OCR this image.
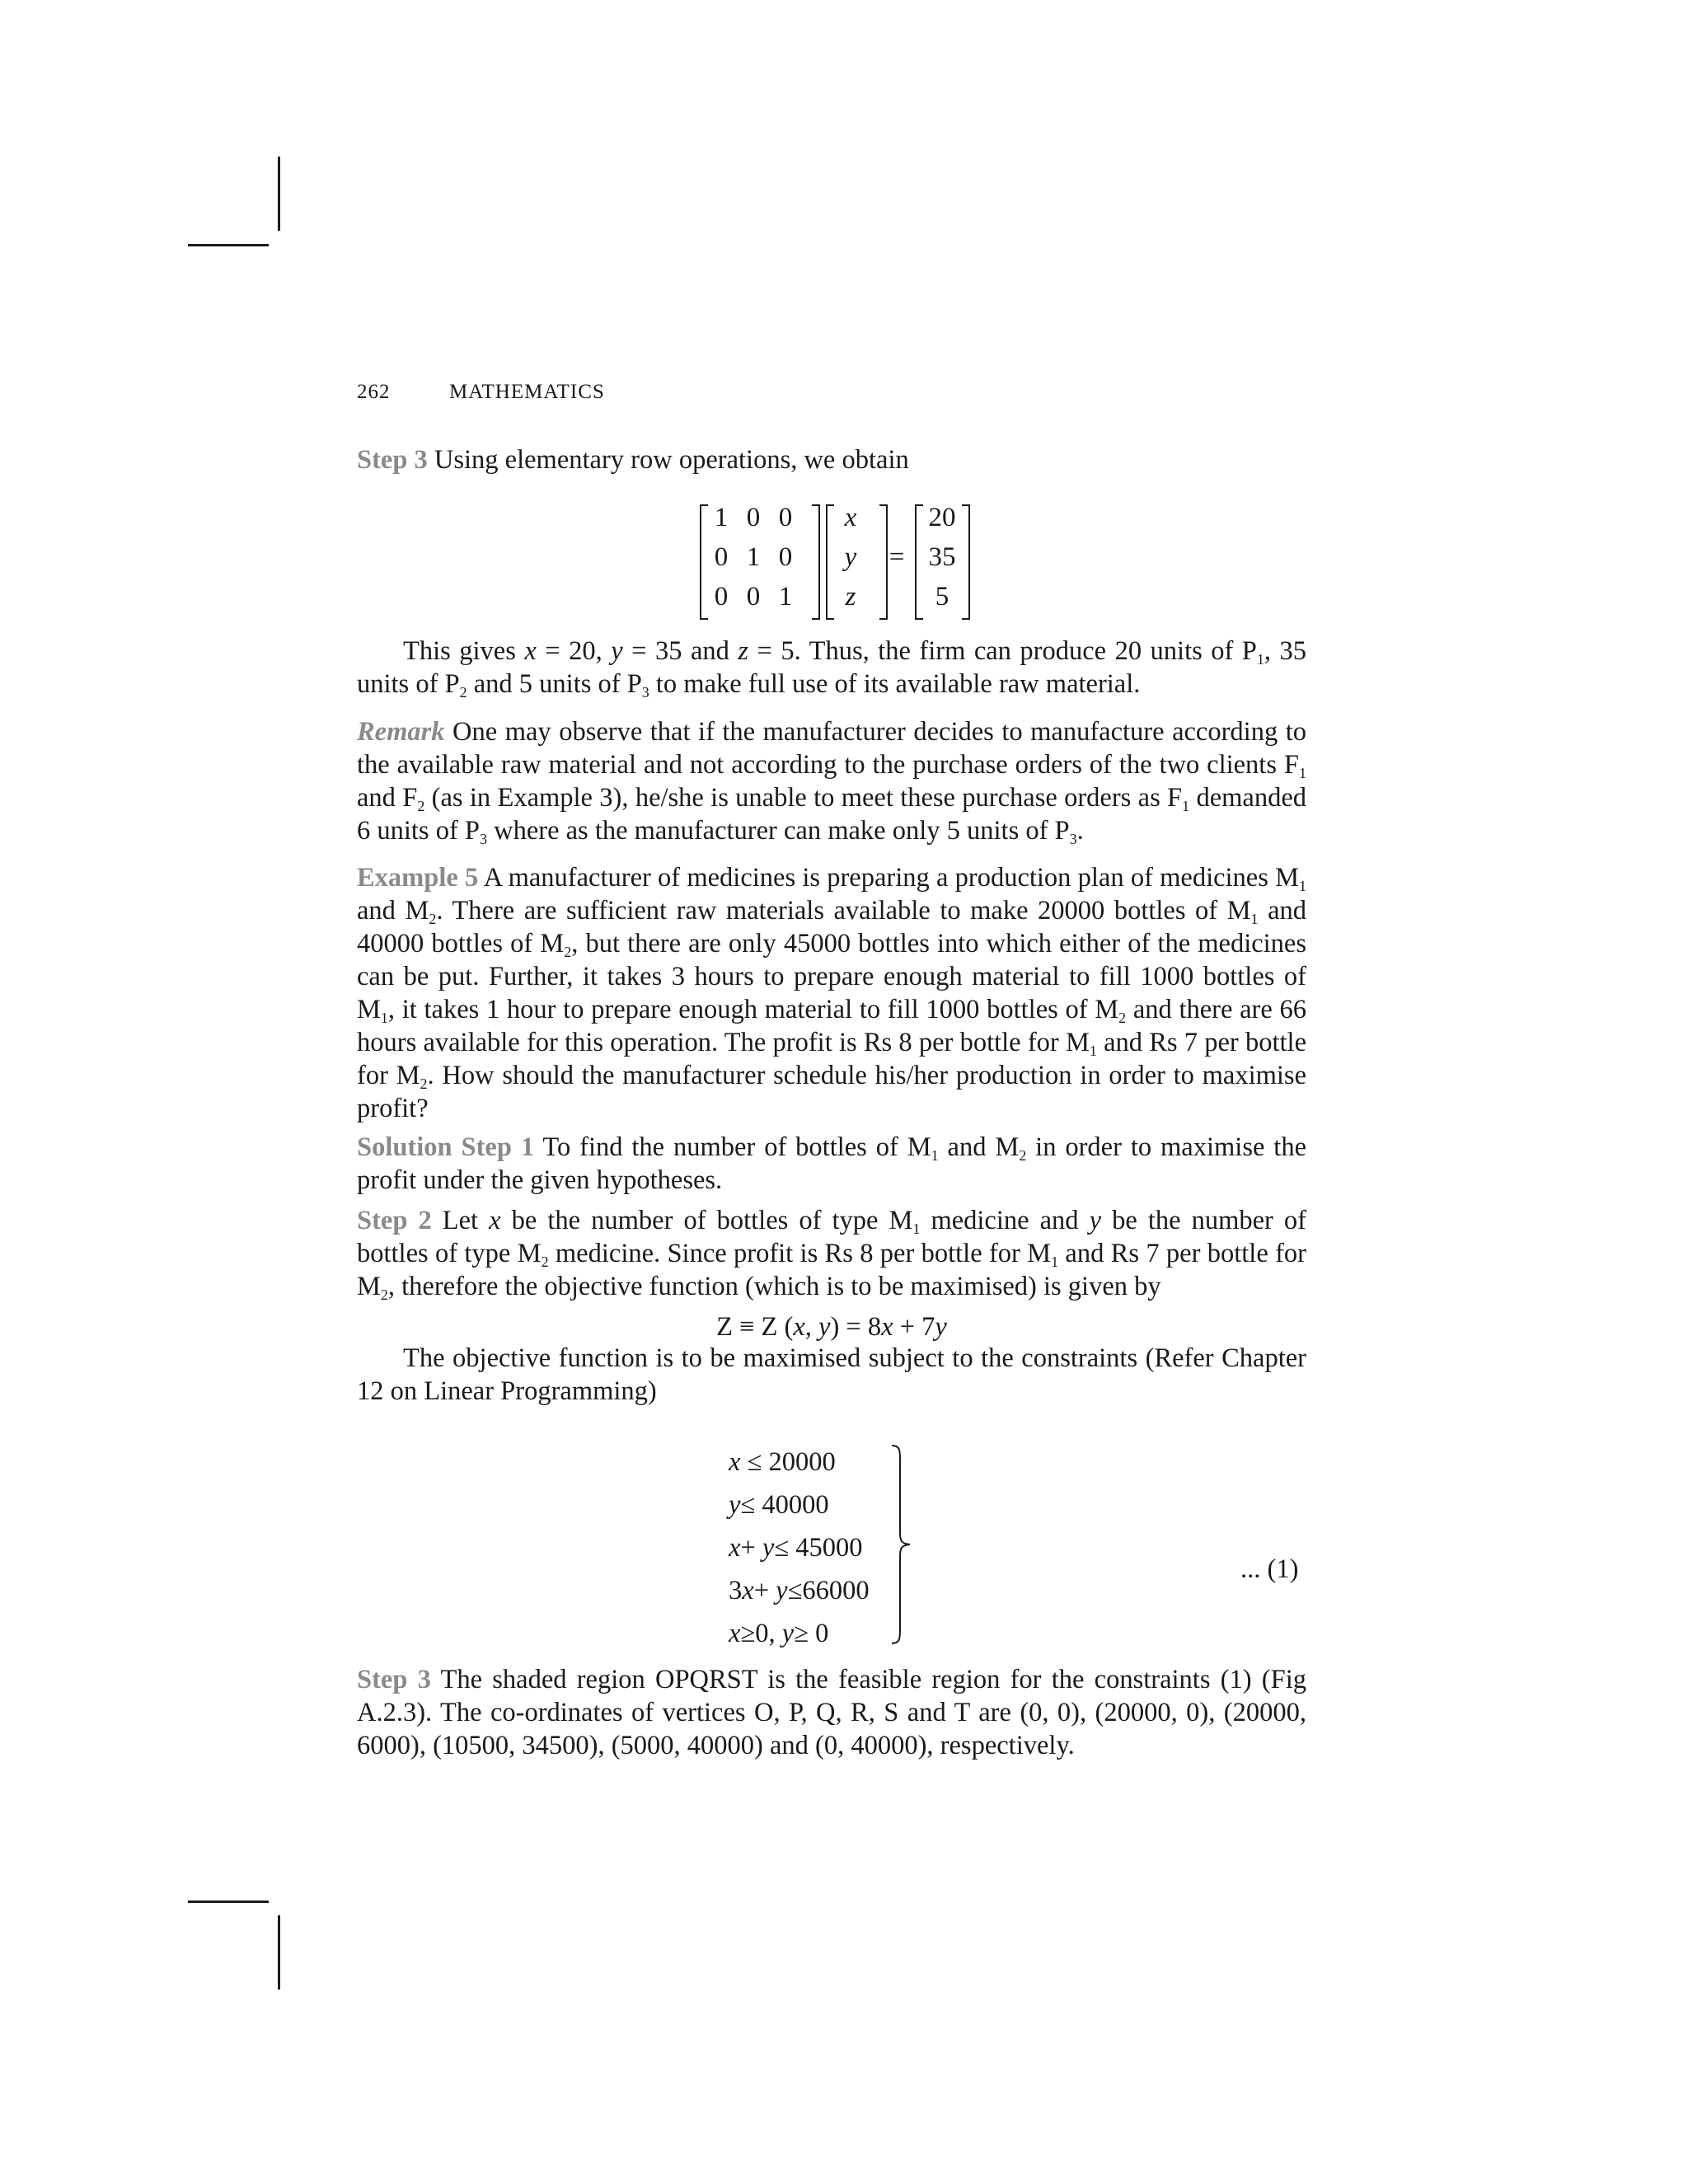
262	MATHEMATICS

Step 3 Using elementary row operations, we obtain

1 0 0
0 1 0
0 0 1
x
y
z
=
20
35
5

This gives x = 20, y = 35 and z = 5. Thus, the firm can produce 20 units of $P_1$, 35 units of $P_2$ and 5 units of $P_3$ to make full use of its available raw material.

Remark One may observe that if the manufacturer decides to manufacture according to the available raw material and not according to the purchase orders of the two clients $F_1$ and $F_2$ (as in Example 3), he/she is unable to meet these purchase orders as $F_1$ demanded 6 units of $P_3$ where as the manufacturer can make only 5 units of $P_3$.

Example 5 A manufacturer of medicines is preparing a production plan of medicines $M_1$ and $M_2$. There are sufficient raw materials available to make 20000 bottles of $M_1$ and 40000 bottles of $M_2$, but there are only 45000 bottles into which either of the medicines can be put. Further, it takes 3 hours to prepare enough material to fill 1000 bottles of $M_1$, it takes 1 hour to prepare enough material to fill 1000 bottles of $M_2$ and there are 66 hours available for this operation. The profit is Rs 8 per bottle for $M_1$ and Rs 7 per bottle for $M_2$. How should the manufacturer schedule his/her production in order to maximise profit?

Solution Step 1 To find the number of bottles of $M_1$ and $M_2$ in order to maximise the profit under the given hypotheses.

Step 2 Let x be the number of bottles of type $M_1$ medicine and y be the number of bottles of type $M_2$ medicine. Since profit is Rs 8 per bottle for $M_1$ and Rs 7 per bottle for $M_2$, therefore the objective function (which is to be maximised) is given by

Z ≡ Z (x, y) = 8x + 7y

The objective function is to be maximised subject to the constraints (Refer Chapter 12 on Linear Programming)

x ≤ 20000
y≤ 40000
x+ y≤ 45000
3x+ y≤66000
x≥0, y≥ 0
... (1)

Step 3 The shaded region OPQRST is the feasible region for the constraints (1) (Fig A.2.3). The co-ordinates of vertices O, P, Q, R, S and T are (0, 0), (20000, 0), (20000, 6000), (10500, 34500), (5000, 40000) and (0, 40000), respectively.
